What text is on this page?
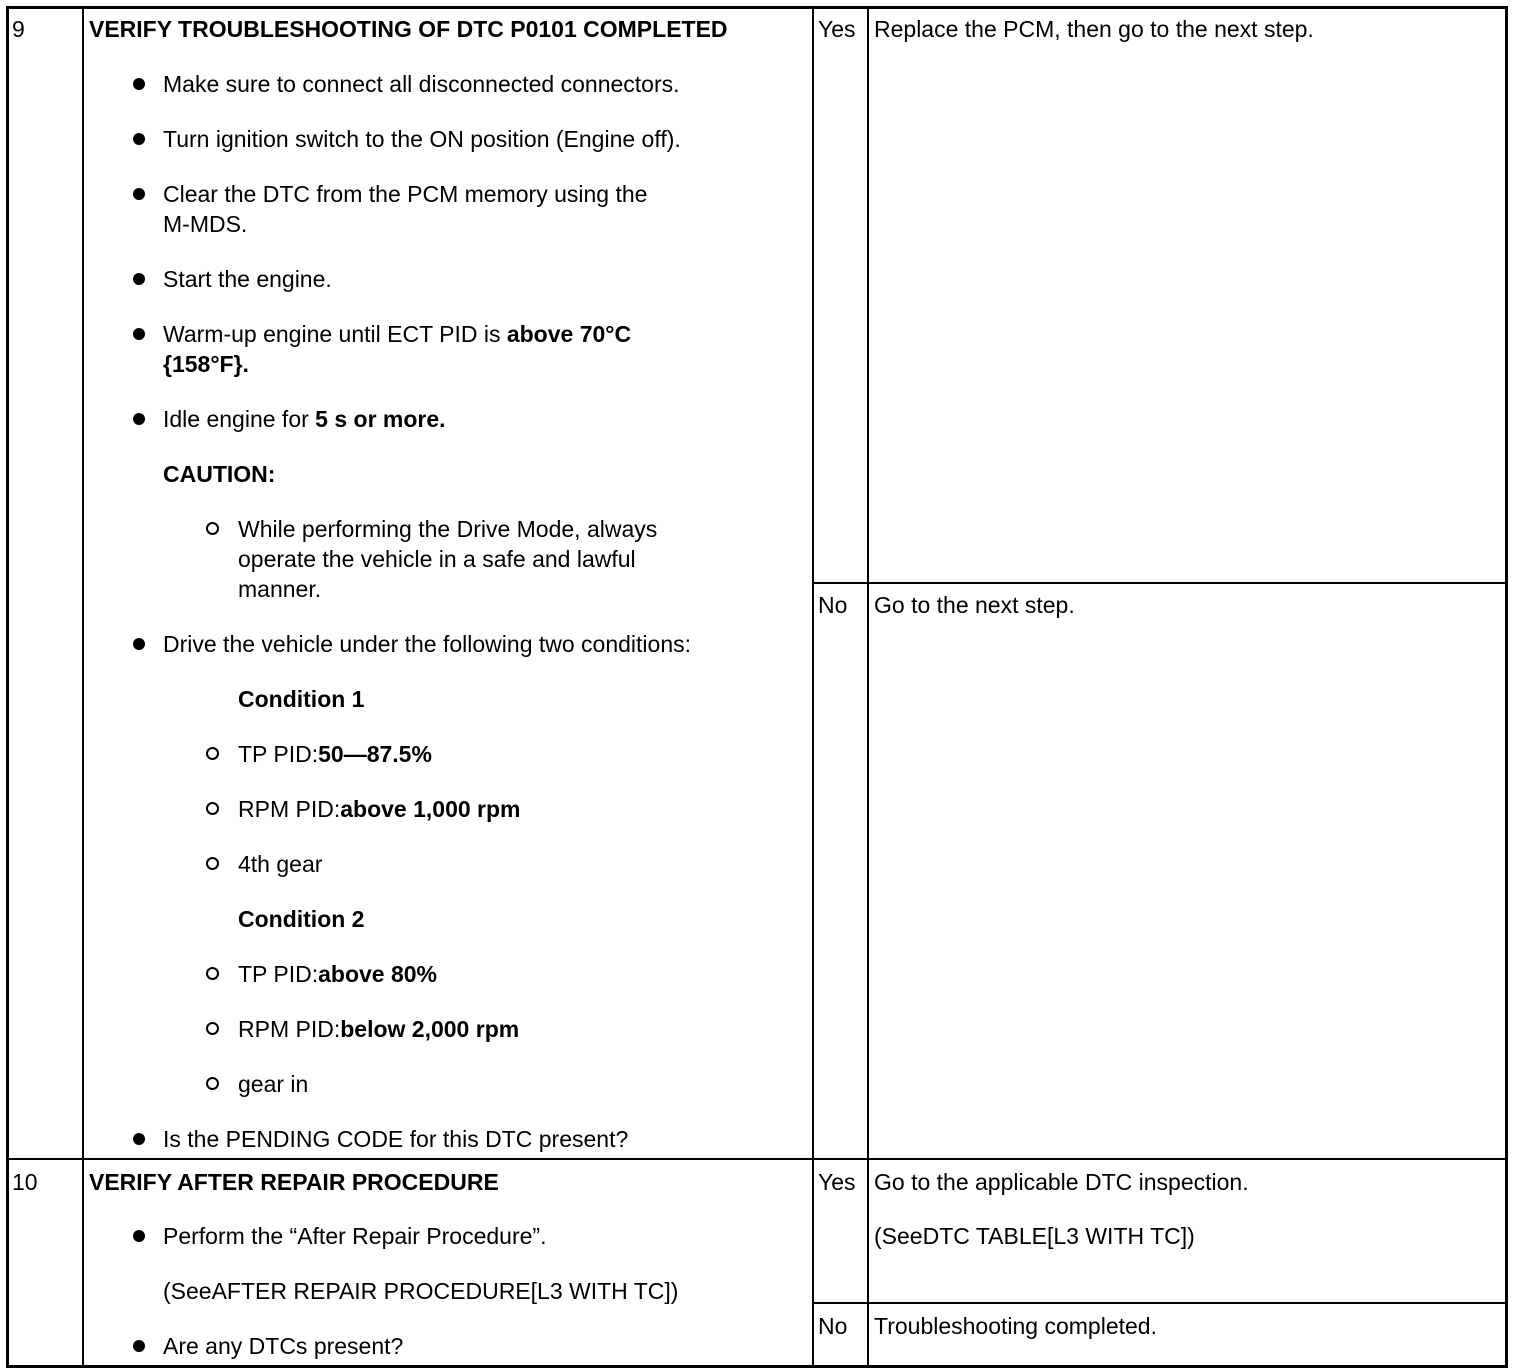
9	VERIFY TROUBLESHOOTING OF DTC P0101 COMPLETED
Make sure to connect all disconnected connectors.
Turn ignition switch to the ON position (Engine off).
Clear the DTC from the PCM memory using the
M-MDS.
Start the engine.
Warm-up engine until ECT PID is above 70°C
{158°F}.
Idle engine for 5 s or more.
CAUTION:
While performing the Drive Mode, always
operate the vehicle in a safe and lawful
manner.
Drive the vehicle under the following two conditions:
Condition 1
TP PID:50—87.5%
RPM PID:above 1,000 rpm
4th gear
Condition 2
TP PID:above 80%
RPM PID:below 2,000 rpm
gear in
Is the PENDING CODE for this DTC present?
Yes Replace the PCM, then go to the next step.
No Go to the next step.
10 VERIFY AFTER REPAIR PROCEDURE
Perform the “After Repair Procedure”.
(SeeAFTER REPAIR PROCEDURE[L3 WITH TC])
Are any DTCs present?
Yes Go to the applicable DTC inspection.
(SeeDTC TABLE[L3 WITH TC])
No Troubleshooting completed.
